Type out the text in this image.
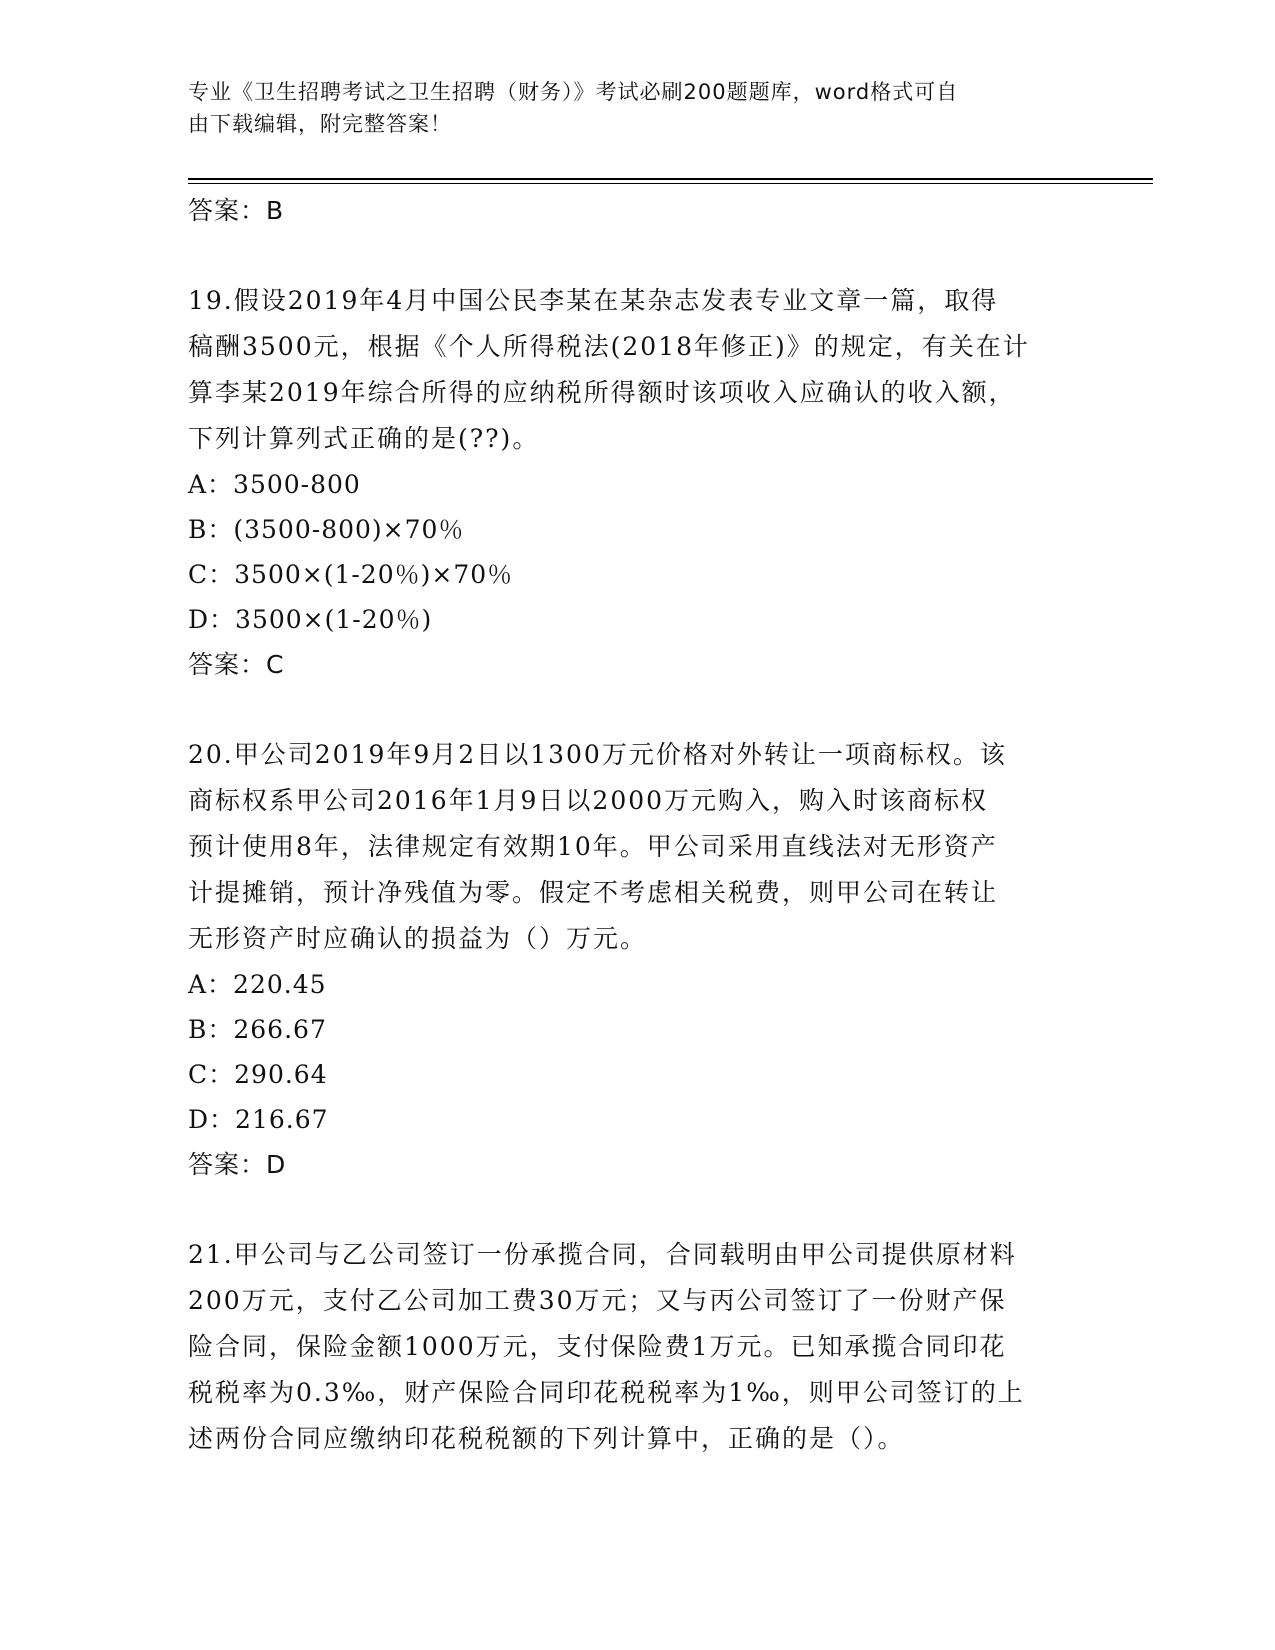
专业《卫生招聘考试之卫生招聘（财务）》考试必刷200题题库，word格式可自
由下载编辑，附完整答案！
答案：B
19.假设2019年4月中国公民李某在某杂志发表专业文章一篇，取得
稿酬3500元，根据《个人所得税法(2018年修正)》的规定，有关在计
算李某2019年综合所得的应纳税所得额时该项收入应确认的收入额，
下列计算列式正确的是(??)。
A：3500-800
B：(3500-800)×70％
C：3500×(1-20％)×70％
D：3500×(1-20％)
答案：C
20.甲公司2019年9月2日以1300万元价格对外转让一项商标权。该
商标权系甲公司2016年1月9日以2000万元购入，购入时该商标权
预计使用8年，法律规定有效期10年。甲公司采用直线法对无形资产
计提摊销，预计净残值为零。假定不考虑相关税费，则甲公司在转让
无形资产时应确认的损益为（）万元。
A：220.45
B：266.67
C：290.64
D：216.67
答案：D
21.甲公司与乙公司签订一份承揽合同，合同载明由甲公司提供原材料
200万元，支付乙公司加工费30万元；又与丙公司签订了一份财产保
险合同，保险金额1000万元，支付保险费1万元。已知承揽合同印花
税税率为0.3‰，财产保险合同印花税税率为1‰，则甲公司签订的上
述两份合同应缴纳印花税税额的下列计算中，正确的是（）。
